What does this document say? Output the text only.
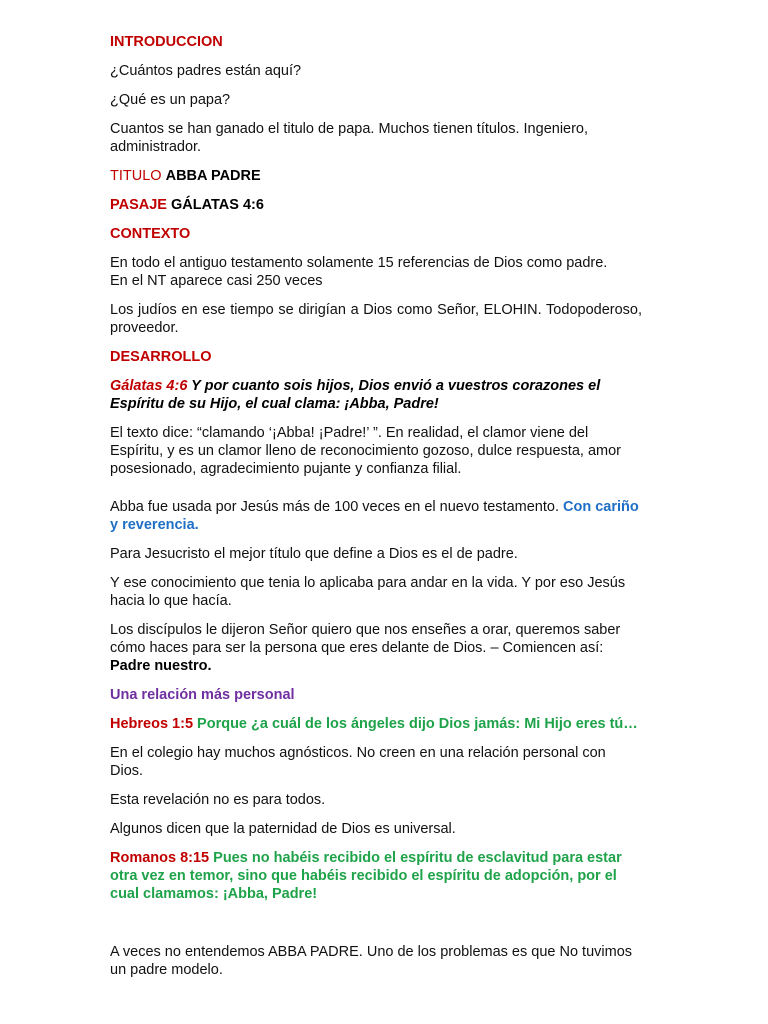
INTRODUCCION

¿Cuántos padres están aquí?

¿Qué es un papa?

Cuantos se han ganado el titulo de papa. Muchos tienen títulos. Ingeniero, administrador.

TITULO ABBA PADRE

PASAJE GÁLATAS 4:6

CONTEXTO

En todo el antiguo testamento solamente 15 referencias de Dios como padre.

En el NT aparece casi 250 veces

Los judíos en ese tiempo se dirigían a Dios como Señor, ELOHIN. Todopoderoso, proveedor.

DESARROLLO

Gálatas 4:6 Y por cuanto sois hijos, Dios envió a vuestros corazones el Espíritu de su Hijo, el cual clama: ¡Abba, Padre!

El texto dice: “clamando ‘¡Abba! ¡Padre!’ ”. En realidad, el clamor viene del Espíritu, y es un clamor lleno de reconocimiento gozoso, dulce respuesta, amor posesionado, agradecimiento pujante y confianza filial.

Abba fue usada por Jesús más de 100 veces en el nuevo testamento. Con cariño y reverencia.

Para Jesucristo el mejor título que define a Dios es el de padre.

Y ese conocimiento que tenia lo aplicaba para andar en la vida. Y por eso Jesús hacia lo que hacía.

Los discípulos le dijeron Señor quiero que nos enseñes a orar, queremos saber cómo haces para ser la persona que eres delante de Dios. – Comiencen así: Padre nuestro.

Una relación más personal

Hebreos 1:5 Porque ¿a cuál de los ángeles dijo Dios jamás: Mi Hijo eres tú…

En el colegio hay muchos agnósticos. No creen en una relación personal con Dios.

Esta revelación no es para todos.

Algunos dicen que la paternidad de Dios es universal.

Romanos 8:15 Pues no habéis recibido el espíritu de esclavitud para estar otra vez en temor, sino que habéis recibido el espíritu de adopción, por el cual clamamos: ¡Abba, Padre!

A veces no entendemos ABBA PADRE. Uno de los problemas es que No tuvimos un padre modelo.
